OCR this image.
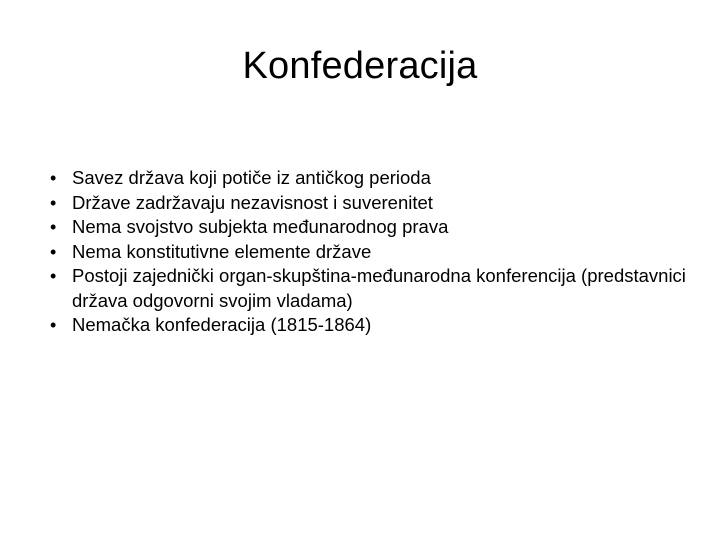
Konfederacija
• Savez država koji potiče iz antičkog perioda
• Države zadržavaju nezavisnost i suverenitet
• Nema svojstvo subjekta međunarodnog prava
• Nema konstitutivne elemente države
• Postoji zajednički organ-skupština-međunarodna konferencija (predstavnici država odgovorni svojim vladama)
• Nemačka konfederacija (1815-1864)
